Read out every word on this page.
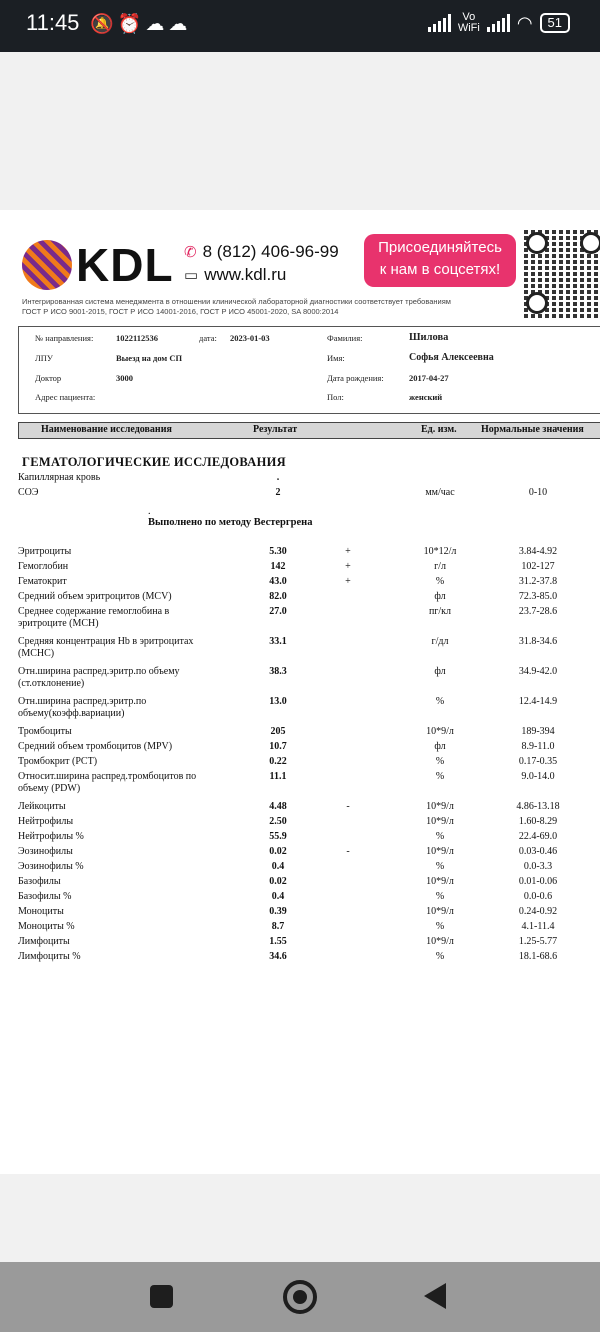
11:45 🔕⏰☁☁	Vo
WiFi ◠	51
KDL ✆ 8 (812) 406-96-99
▭ www.kdl.ru
Присоединяйтесь
к нам в соцсетях!
Интегрированная система менеджмента в отношении клинической лабораторной диагностики соответствует требованиям
ГОСТ Р ИСО 9001-2015, ГОСТ Р ИСО 14001-2016, ГОСТ Р ИСО 45001-2020, SA 8000:2014
№ направления:	1022112536	дата: 2023-01-03
ЛПУ	Выезд на дом СП
Доктор	3000
Адрес пациента:
Фамилия:	Шилова
Имя:	Софья Алексеевна
Дата рождения:	2017-04-27
Пол:	женский
Наименование исследования	Результат	Ед. изм. Нормальные значения
ГЕМАТОЛОГИЧЕСКИЕ ИССЛЕДОВАНИЯ
.
Выполнено по методу Вестергрена
Капиллярная кровь	.
СОЭ	2	мм/час	0-10
Эритроциты	5.30	+	10*12/л	3.84-4.92
Гемоглобин	142	+	г/л	102-127
Гематокрит	43.0	+	%	31.2-37.8
Средний объем эритроцитов (MCV)	82.0	фл	72.3-85.0
Среднее содержание гемоглобина в эритроците (MCH)
27.0	пг/кл	23.7-28.6
Средняя концентрация Hb в эритроцитах (MCHC)
33.1	г/дл	31.8-34.6
Отн.ширина распред.эритр.по объему (ст.отклонение)
38.3	фл	34.9-42.0
Отн.ширина распред.эритр.по объему(коэфф.вариации)
13.0	%	12.4-14.9
Тромбоциты	205	10*9/л	189-394
Средний объем тромбоцитов (MPV)	10.7	фл	8.9-11.0
Тромбокрит (PCT)	0.22	%	0.17-0.35
Относит.ширина распред.тромбоцитов по объему (PDW)
11.1	%	9.0-14.0
Лейкоциты	4.48	-	10*9/л	4.86-13.18
Нейтрофилы	2.50	10*9/л	1.60-8.29
Нейтрофилы %	55.9	%	22.4-69.0
Эозинофилы	0.02	-	10*9/л	0.03-0.46
Эозинофилы %	0.4	%	0.0-3.3
Базофилы	0.02	10*9/л	0.01-0.06
Базофилы %	0.4	%	0.0-0.6
Моноциты	0.39	10*9/л	0.24-0.92
Моноциты %	8.7	%	4.1-11.4
Лимфоциты	1.55	10*9/л	1.25-5.77
Лимфоциты %	34.6	%	18.1-68.6
